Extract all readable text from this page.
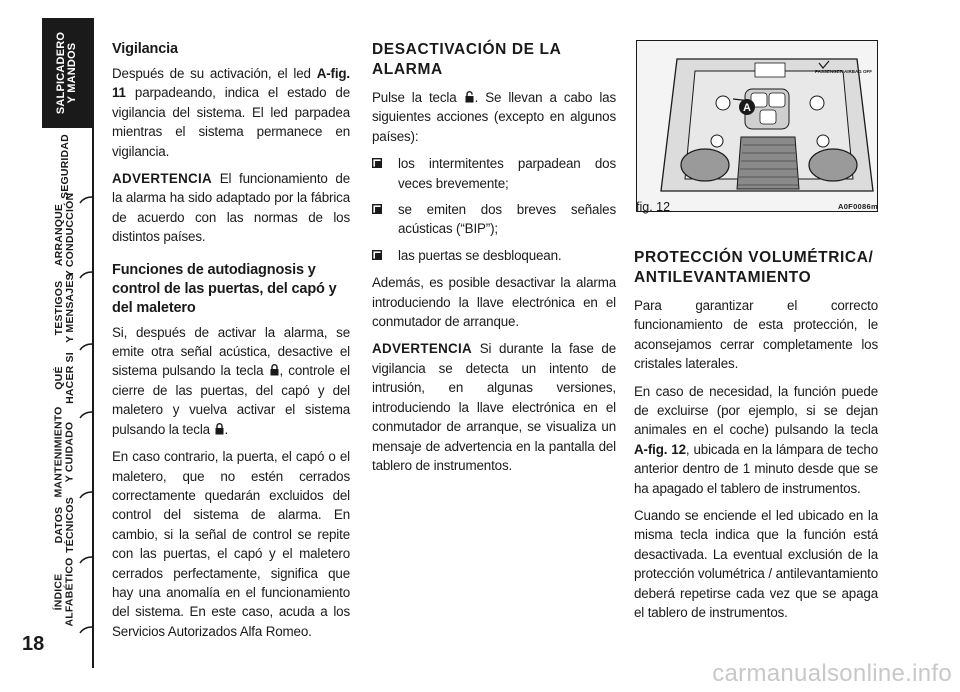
SALPICADERO
Y MANDOS
SEGURIDAD
ARRANQUE
Y CONDUCCIÓN
TESTIGOS
Y MENSAJES
QUÉ
HACER SI
MANTENIMIENTO
Y CUIDADO
DATOS
TÉCNICOS
ÍNDICE
ALFABÉTICO
18
Vigilancia

Después de su activación, el led A-fig. 11 parpadeando, indica el estado de vigilancia del sistema. El led parpadea mientras el sistema permanece en vigilancia.

ADVERTENCIA El funcionamiento de la alarma ha sido adaptado por la fábrica de acuerdo con las normas de los distintos países.

Funciones de autodiagnosis y control de las puertas, del capó y del maletero

Si, después de activar la alarma, se emite otra señal acústica, desactive el sistema pulsando la tecla , controle el cierre de las puertas, del capó y del maletero y vuelva activar el sistema pulsando la tecla .

En caso contrario, la puerta, el capó o el maletero, que no estén cerrados correctamente quedarán excluidos del control del sistema de alarma. En cambio, si la señal de control se repite con las puertas, el capó y el maletero cerrados perfectamente, significa que hay una anomalía en el funcionamiento del sistema. En este caso, acuda a los Servicios Autorizados Alfa Romeo.

DESACTIVACIÓN DE LA ALARMA

Pulse la tecla . Se llevan a cabo las siguientes acciones (excepto en algunos países):

los intermitentes parpadean dos veces brevemente;
se emiten dos breves señales acústicas (“BIP”);
las puertas se desbloquean.

Además, es posible desactivar la alarma introduciendo la llave electrónica en el conmutador de arranque.

ADVERTENCIA Si durante la fase de vigilancia se detecta un intento de intrusión, en algunas versiones, introduciendo la llave electrónica en el conmutador de arranque, se visualiza un mensaje de advertencia en la pantalla del tablero de instrumentos.

PASSENGER AIRBAG OFF
A
fig. 12	A0F0086m
PROTECCIÓN VOLUMÉTRICA/ ANTILEVANTAMIENTO

Para garantizar el correcto funcionamiento de esta protección, le aconsejamos cerrar completamente los cristales laterales.

En caso de necesidad, la función puede de excluirse (por ejemplo, si se dejan animales en el coche) pulsando la tecla A-fig. 12, ubicada en la lámpara de techo anterior dentro de 1 minuto desde que se ha apagado el tablero de instrumentos.

Cuando se enciende el led ubicado en la misma tecla indica que la función está desactivada. La eventual exclusión de la protección volumétrica / antilevantamiento deberá repetirse cada vez que se apaga el tablero de instrumentos.

carmanualsonline.info
